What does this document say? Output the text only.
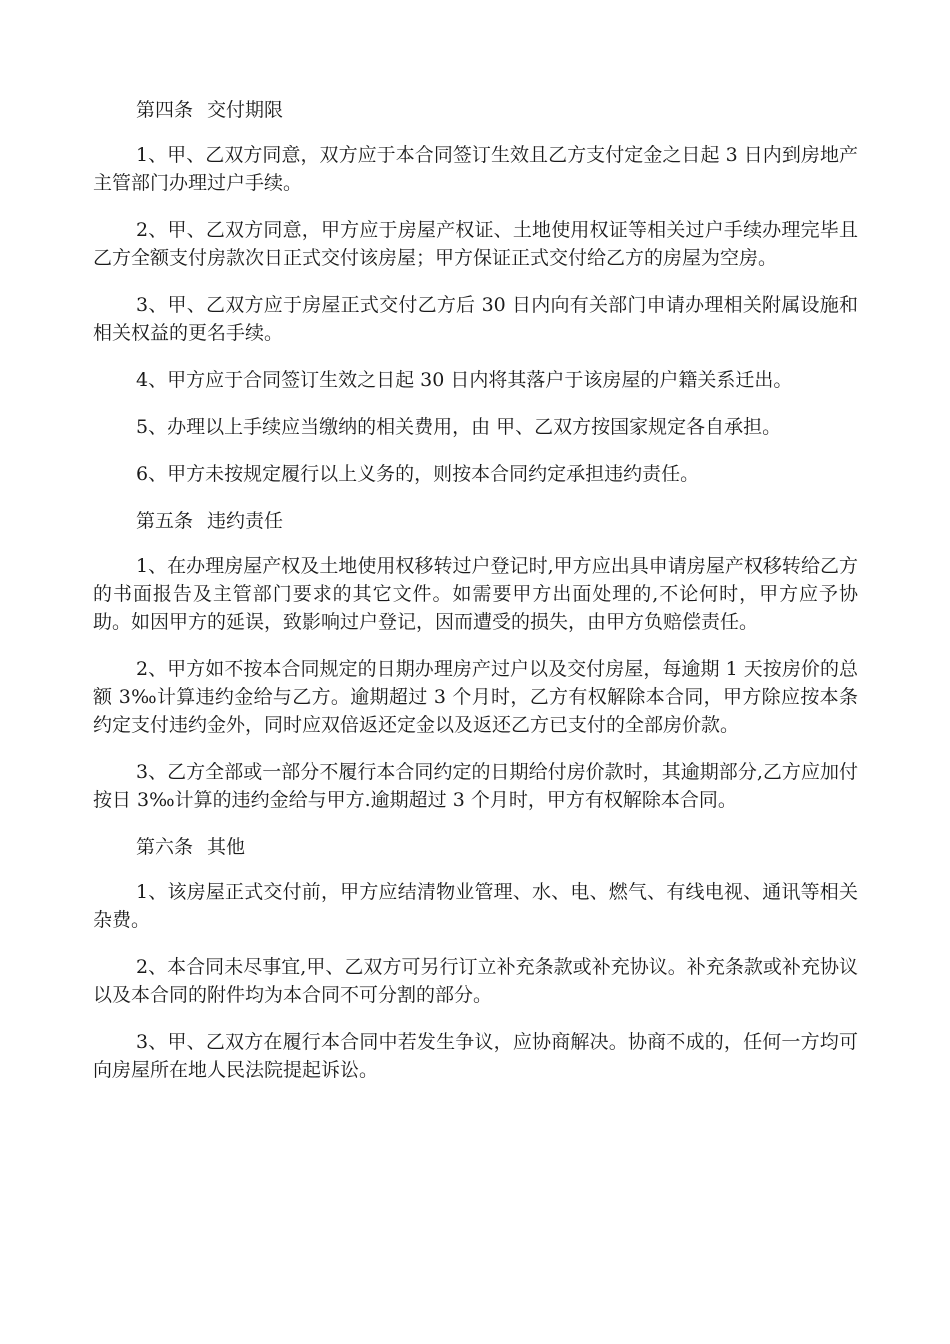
第四条 交付期限

1、甲、乙双方同意，双方应于本合同签订生效且乙方支付定金之日起 3 日内到房地产主管部门办理过户手续。

2、甲、乙双方同意，甲方应于房屋产权证、土地使用权证等相关过户手续办理完毕且乙方全额支付房款次日正式交付该房屋；甲方保证正式交付给乙方的房屋为空房。

3、甲、乙双方应于房屋正式交付乙方后 30 日内向有关部门申请办理相关附属设施和相关权益的更名手续。

4、甲方应于合同签订生效之日起 30 日内将其落户于该房屋的户籍关系迁出。

5、办理以上手续应当缴纳的相关费用，由 甲、乙双方按国家规定各自承担。

6、甲方未按规定履行以上义务的，则按本合同约定承担违约责任。

第五条 违约责任

1、在办理房屋产权及土地使用权移转过户登记时,甲方应出具申请房屋产权移转给乙方的书面报告及主管部门要求的其它文件。如需要甲方出面处理的,不论何时，甲方应予协助。如因甲方的延误，致影响过户登记，因而遭受的损失，由甲方负赔偿责任。

2、甲方如不按本合同规定的日期办理房产过户以及交付房屋，每逾期 1 天按房价的总额 3‰计算违约金给与乙方。逾期超过 3 个月时，乙方有权解除本合同，甲方除应按本条约定支付违约金外，同时应双倍返还定金以及返还乙方已支付的全部房价款。

3、乙方全部或一部分不履行本合同约定的日期给付房价款时，其逾期部分,乙方应加付按日 3‰计算的违约金给与甲方.逾期超过 3 个月时，甲方有权解除本合同。

第六条 其他

1、该房屋正式交付前，甲方应结清物业管理、水、电、燃气、有线电视、通讯等相关杂费。

2、本合同未尽事宜,甲、乙双方可另行订立补充条款或补充协议。补充条款或补充协议以及本合同的附件均为本合同不可分割的部分。

3、甲、乙双方在履行本合同中若发生争议，应协商解决。协商不成的，任何一方均可向房屋所在地人民法院提起诉讼。
